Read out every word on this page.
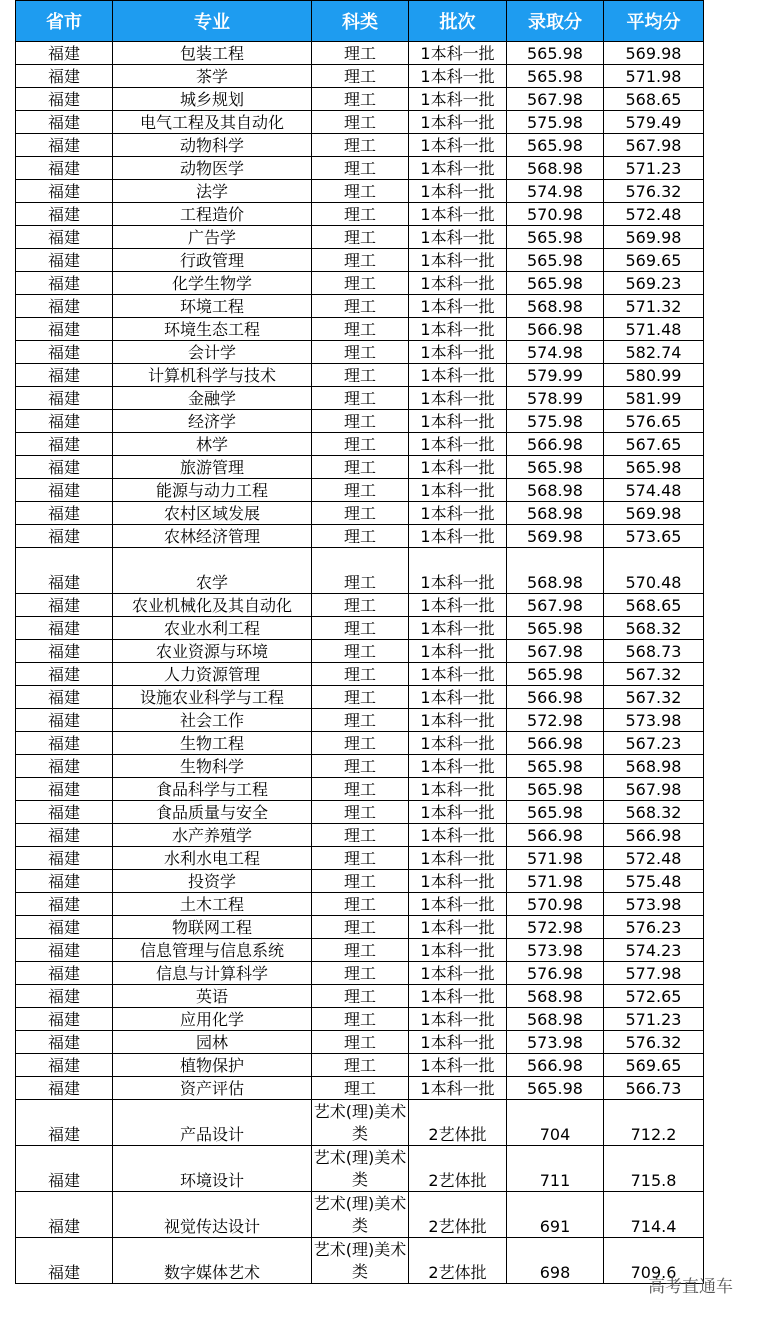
省市	专业	科类	批次	录取分	平均分
福建	包装工程	理工	1本科一批	565.98	569.98
福建	茶学	理工	1本科一批	565.98	571.98
福建	城乡规划	理工	1本科一批	567.98	568.65
福建	电气工程及其自动化	理工	1本科一批	575.98	579.49
福建	动物科学	理工	1本科一批	565.98	567.98
福建	动物医学	理工	1本科一批	568.98	571.23
福建	法学	理工	1本科一批	574.98	576.32
福建	工程造价	理工	1本科一批	570.98	572.48
福建	广告学	理工	1本科一批	565.98	569.98
福建	行政管理	理工	1本科一批	565.98	569.65
福建	化学生物学	理工	1本科一批	565.98	569.23
福建	环境工程	理工	1本科一批	568.98	571.32
福建	环境生态工程	理工	1本科一批	566.98	571.48
福建	会计学	理工	1本科一批	574.98	582.74
福建	计算机科学与技术	理工	1本科一批	579.99	580.99
福建	金融学	理工	1本科一批	578.99	581.99
福建	经济学	理工	1本科一批	575.98	576.65
福建	林学	理工	1本科一批	566.98	567.65
福建	旅游管理	理工	1本科一批	565.98	565.98
福建	能源与动力工程	理工	1本科一批	568.98	574.48
福建	农村区域发展	理工	1本科一批	568.98	569.98
福建	农林经济管理	理工	1本科一批	569.98	573.65
福建	农学	理工	1本科一批	568.98	570.48
福建	农业机械化及其自动化	理工	1本科一批	567.98	568.65
福建	农业水利工程	理工	1本科一批	565.98	568.32
福建	农业资源与环境	理工	1本科一批	567.98	568.73
福建	人力资源管理	理工	1本科一批	565.98	567.32
福建	设施农业科学与工程	理工	1本科一批	566.98	567.32
福建	社会工作	理工	1本科一批	572.98	573.98
福建	生物工程	理工	1本科一批	566.98	567.23
福建	生物科学	理工	1本科一批	565.98	568.98
福建	食品科学与工程	理工	1本科一批	565.98	567.98
福建	食品质量与安全	理工	1本科一批	565.98	568.32
福建	水产养殖学	理工	1本科一批	566.98	566.98
福建	水利水电工程	理工	1本科一批	571.98	572.48
福建	投资学	理工	1本科一批	571.98	575.48
福建	土木工程	理工	1本科一批	570.98	573.98
福建	物联网工程	理工	1本科一批	572.98	576.23
福建	信息管理与信息系统	理工	1本科一批	573.98	574.23
福建	信息与计算科学	理工	1本科一批	576.98	577.98
福建	英语	理工	1本科一批	568.98	572.65
福建	应用化学	理工	1本科一批	568.98	571.23
福建	园林	理工	1本科一批	573.98	576.32
福建	植物保护	理工	1本科一批	566.98	569.65
福建	资产评估	理工	1本科一批	565.98	566.73
福建	产品设计	艺术(理)美术类	2艺体批	704	712.2
福建	环境设计	艺术(理)美术类	2艺体批	711	715.8
福建	视觉传达设计	艺术(理)美术类	2艺体批	691	714.4
福建	数字媒体艺术	艺术(理)美术类	2艺体批	698	709.6
高考直通车
